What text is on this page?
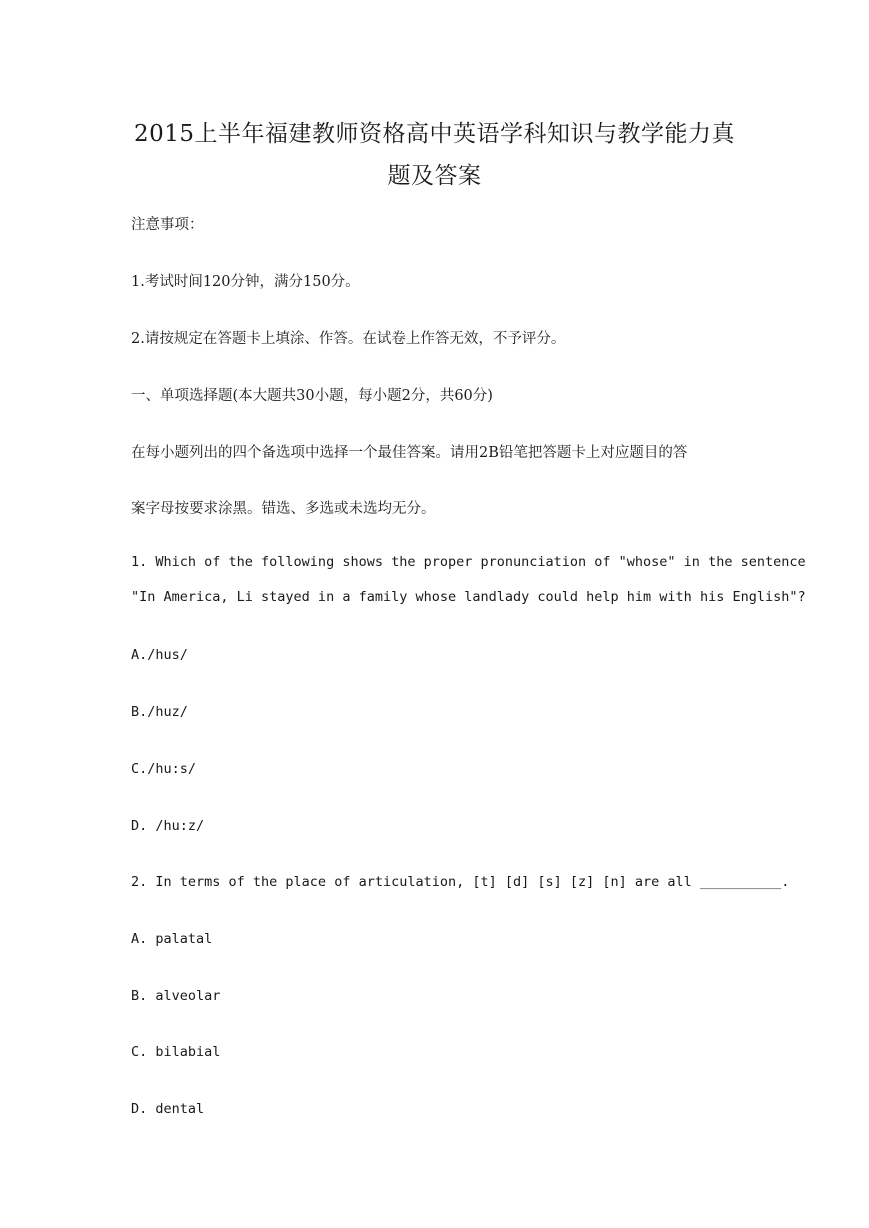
2015上半年福建教师资格高中英语学科知识与教学能力真
题及答案
注意事项：
1.考试时间120分钟，满分150分。
2.请按规定在答题卡上填涂、作答。在试卷上作答无效，不予评分。
一、单项选择题(本大题共30小题，每小题2分，共60分)
在每小题列出的四个备选项中选择一个最佳答案。请用2B铅笔把答题卡上对应题目的答
案字母按要求涂黑。错选、多选或未选均无分。
1. Which of the following shows the proper pronunciation of "whose" in the sentence
"In America, Li stayed in a family whose landlady could help him with his English"?
A./hus/
B./huz/
C./hu:s/
D. /hu:z/
2. In terms of the place of articulation, [t] [d] [s] [z] [n] are all __________.
A. palatal
B. alveolar
C. bilabial
D. dental
